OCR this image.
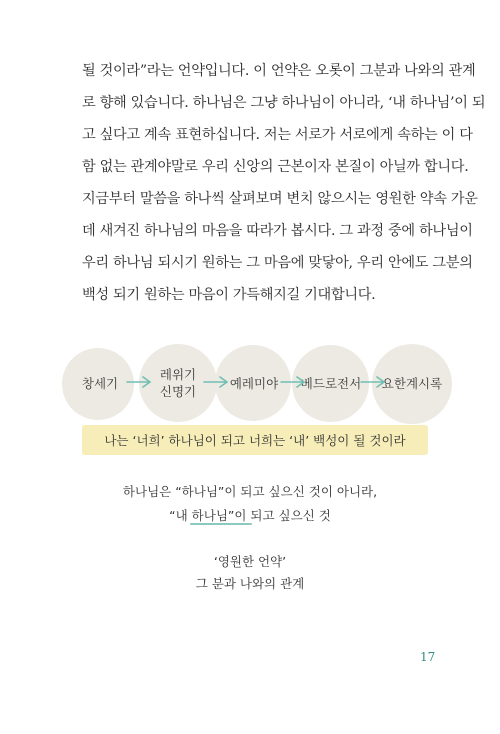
될 것이라”라는 언약입니다. 이 언약은 오롯이 그분과 나와의 관계
로 향해 있습니다. 하나님은 그냥 하나님이 아니라, ‘내 하나님’이 되
고 싶다고 계속 표현하십니다. 저는 서로가 서로에게 속하는 이 다
함 없는 관계야말로 우리 신앙의 근본이자 본질이 아닐까 합니다.
지금부터 말씀을 하나씩 살펴보며 변치 않으시는 영원한 약속 가운
데 새겨진 하나님의 마음을 따라가 봅시다. 그 과정 중에 하나님이
우리 하나님 되시기 원하는 그 마음에 맞닿아, 우리 안에도 그분의
백성 되기 원하는 마음이 가득해지길 기대합니다.
창세기
레위기
신명기
예레미야 베드로전서 요한계시록
나는 ‘너희’ 하나님이 되고 너희는 ‘내’ 백성이 될 것이라
하나님은 “하나님”이 되고 싶으신 것이 아니라,
“내 하나님”이 되고 싶으신 것
‘영원한 언약’
그 분과 나와의 관계
17
